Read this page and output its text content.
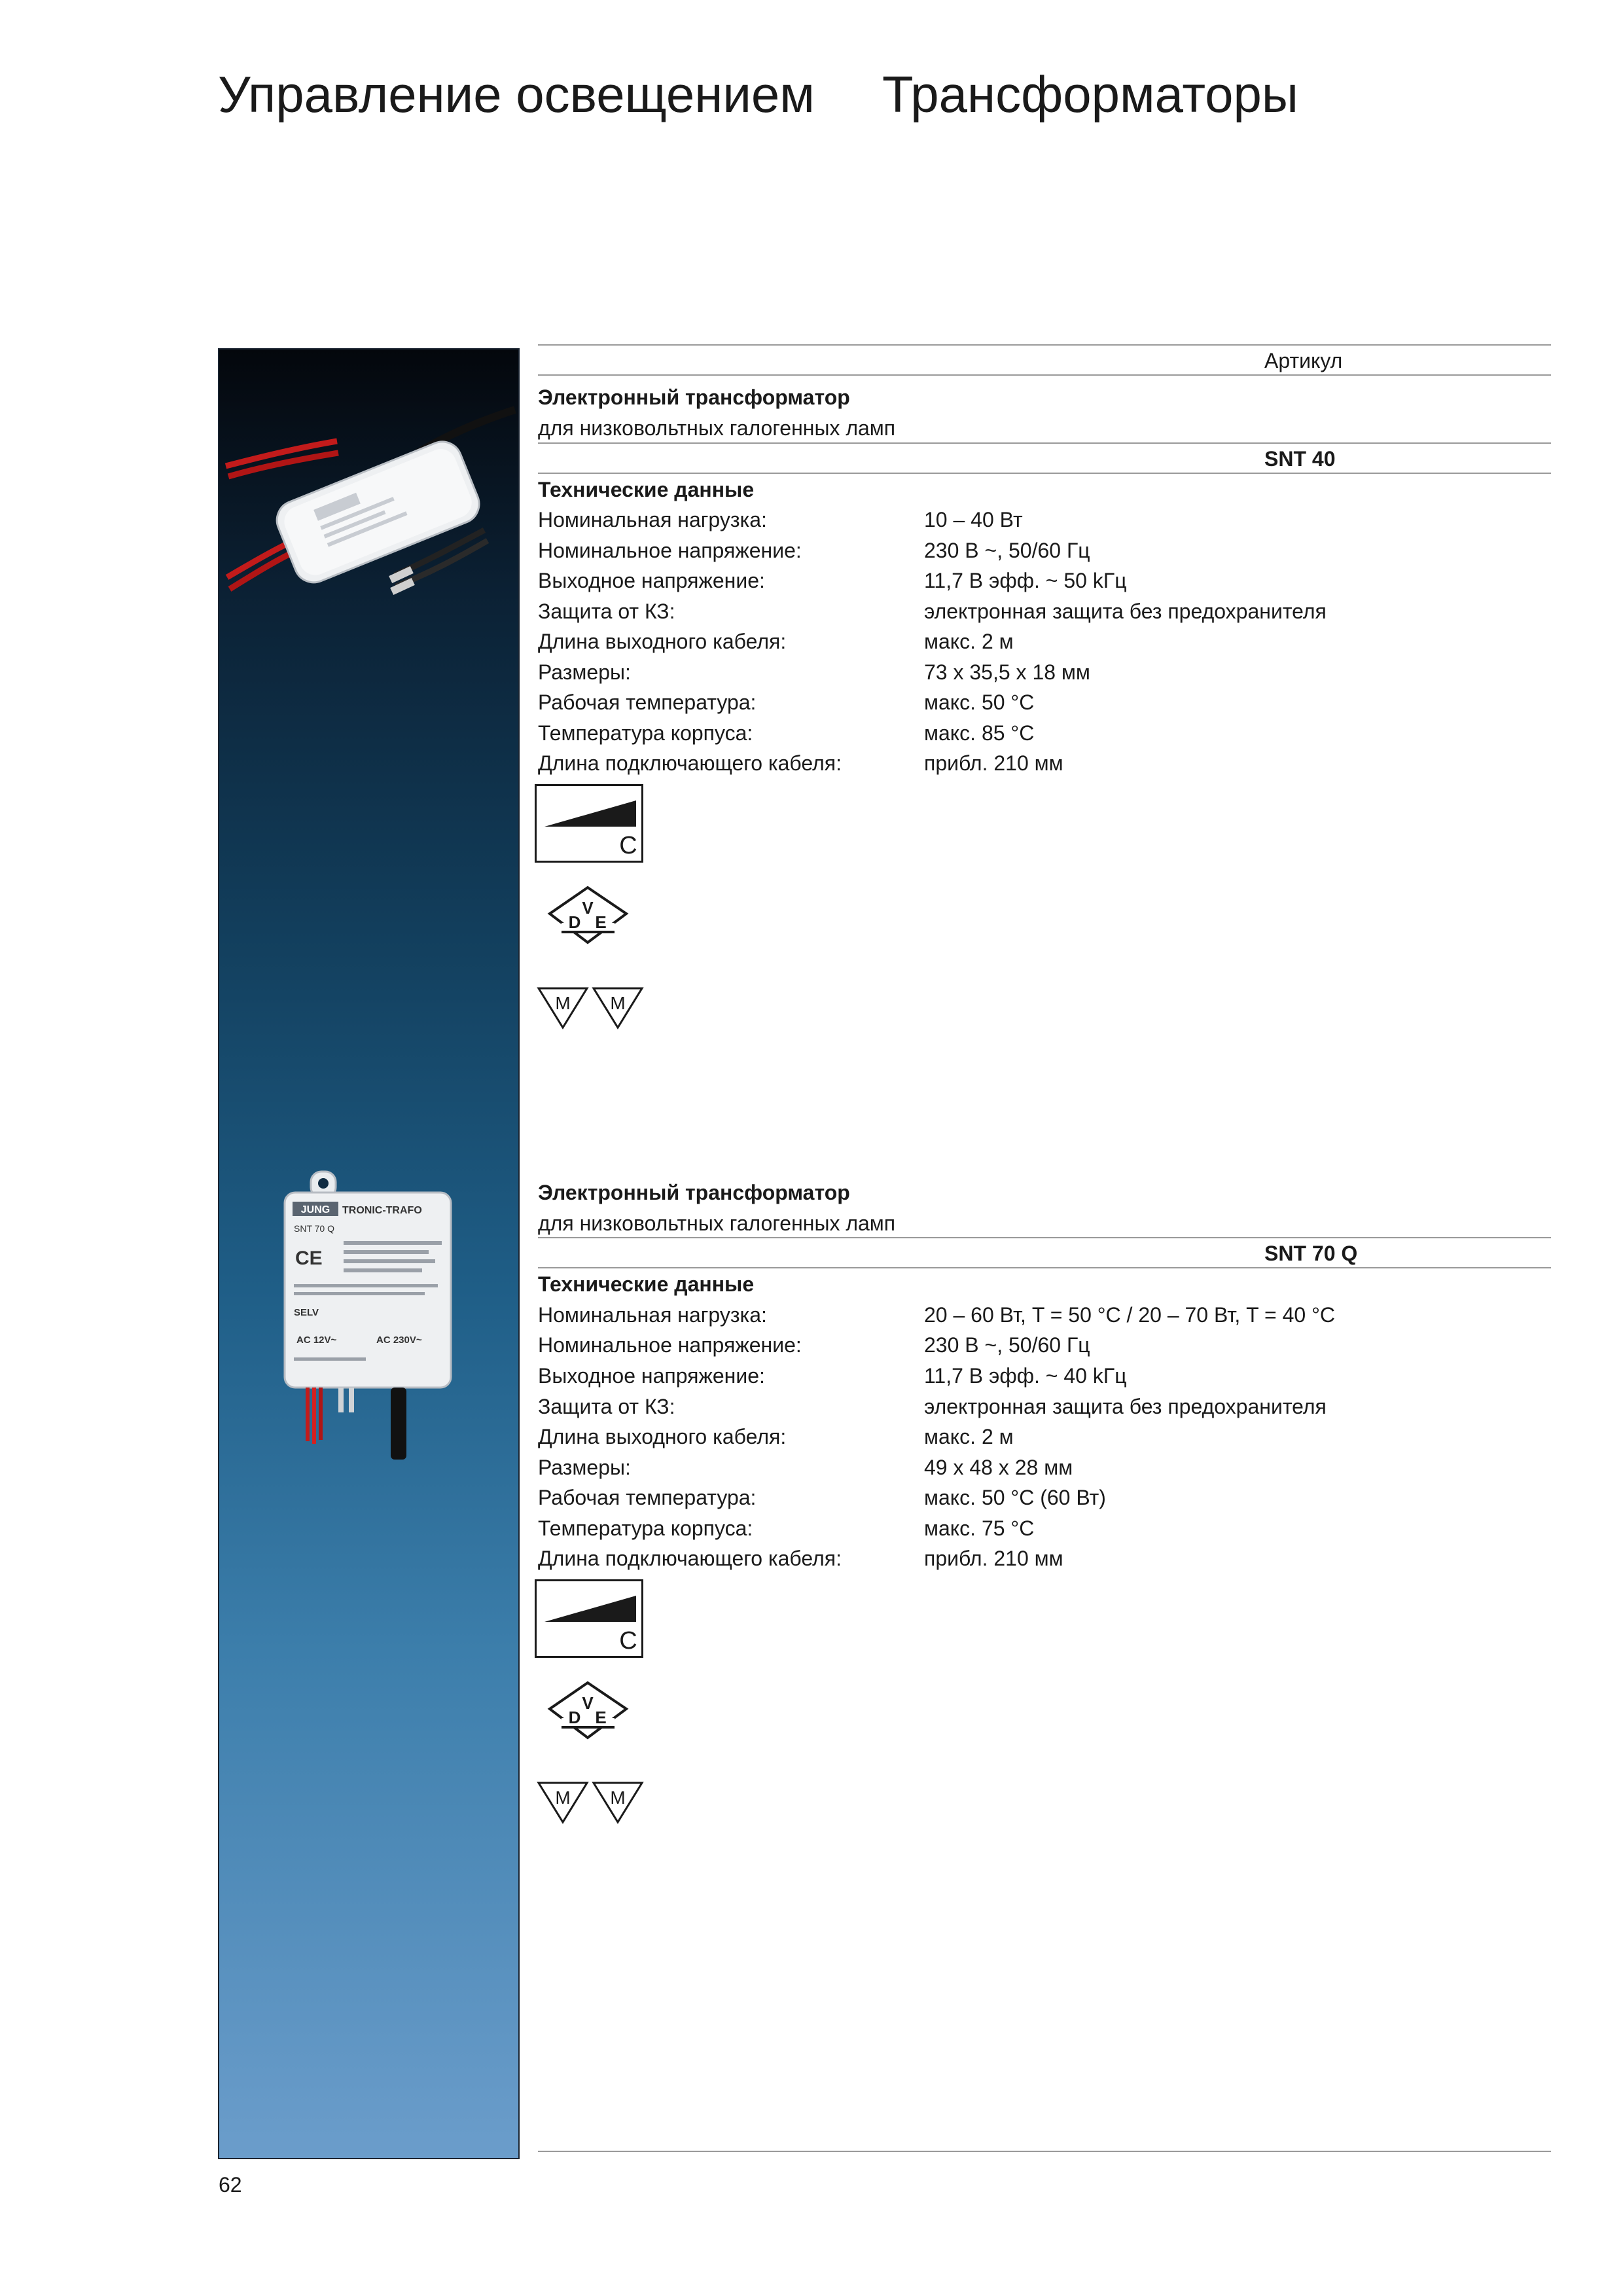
Управление освещением Трансформаторы
JUNG TRONIC-TRAFO
SNT 70 Q
CE
SELV
AC 12V~	AC 230V~
Артикул
Электронный трансформатор
для низковольтных галогенных ламп
SNT 40
Технические данные
Номинальная нагрузка:	10 – 40 Вт
Номинальное напряжение:	230 В ~, 50/60 Гц
Выходное напряжение:	11,7 В эфф. ~ 50 kГц
Защита от КЗ:	электронная защита без предохранителя
Длина выходного кабеля:	макс. 2 м
Размеры:	73 x 35,5 x 18 мм
Рабочая температура:	макс. 50 °C
Температура корпуса:	макс. 85 °C
Длина подключающего кабеля:	прибл. 210 мм
C
V
D E
M M
Электронный трансформатор
для низковольтных галогенных ламп
SNT 70 Q
Технические данные
Номинальная нагрузка:	20 – 60 Вт, T = 50 °C / 20 – 70 Вт, T = 40 °C
Номинальное напряжение:	230 В ~, 50/60 Гц
Выходное напряжение:	11,7 В эфф. ~ 40 kГц
Защита от КЗ:	электронная защита без предохранителя
Длина выходного кабеля:	макс. 2 м
Размеры:	49 x 48 x 28 мм
Рабочая температура:	макс. 50 °C (60 Вт)
Температура корпуса:	макс. 75 °C
Длина подключающего кабеля:	прибл. 210 мм
C
V
D E
M M
62
